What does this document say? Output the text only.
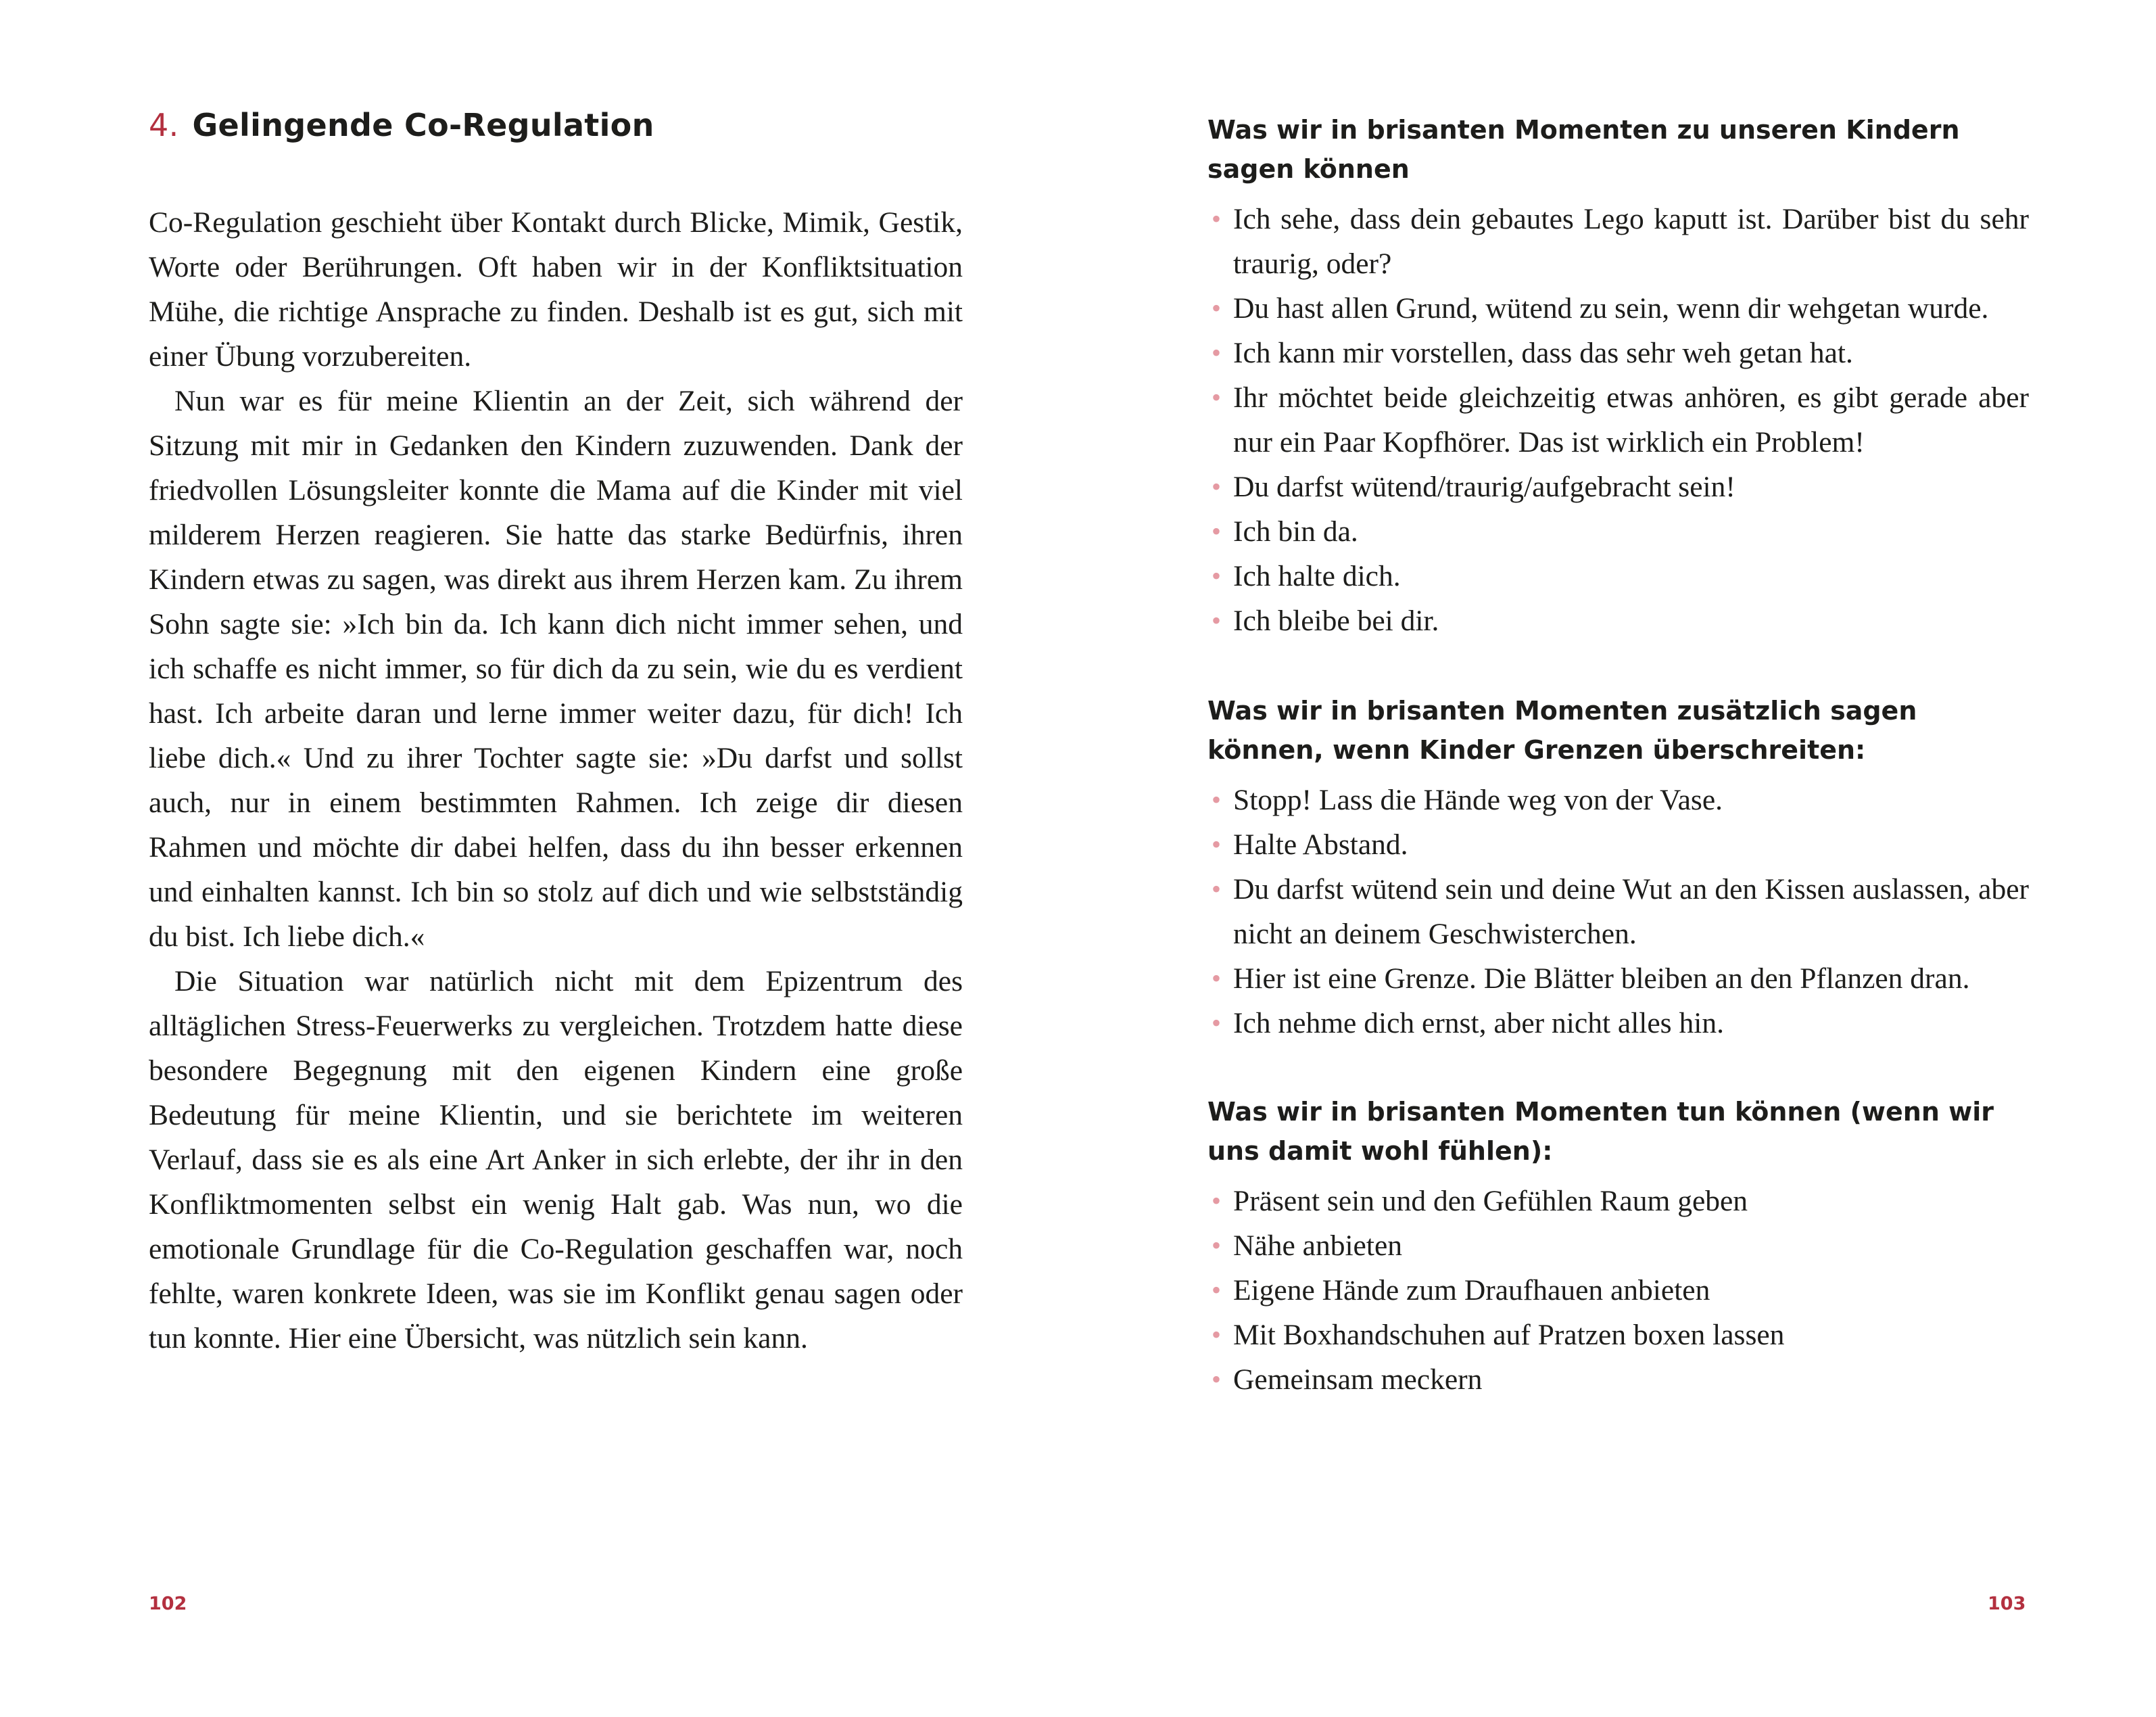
4. Gelingende Co-Regulation

Co-Regulation geschieht über Kontakt durch Blicke, Mimik, Gestik, Worte oder Berührungen. Oft haben wir in der Konfliktsituation Mühe, die richtige Ansprache zu finden. Deshalb ist es gut, sich mit einer Übung vorzubereiten.

Nun war es für meine Klientin an der Zeit, sich während der Sitzung mit mir in Gedanken den Kindern zuzuwenden. Dank der friedvollen Lösungsleiter konnte die Mama auf die Kinder mit viel milderem Herzen reagieren. Sie hatte das starke Bedürfnis, ihren Kindern etwas zu sagen, was direkt aus ihrem Herzen kam. Zu ihrem Sohn sagte sie: »Ich bin da. Ich kann dich nicht immer sehen, und ich schaffe es nicht immer, so für dich da zu sein, wie du es verdient hast. Ich arbeite daran und lerne immer weiter dazu, für dich! Ich liebe dich.« Und zu ihrer Tochter sagte sie: »Du darfst und sollst auch, nur in einem bestimmten Rahmen. Ich zeige dir diesen Rahmen und möchte dir dabei helfen, dass du ihn besser erkennen und einhalten kannst. Ich bin so stolz auf dich und wie selbstständig du bist. Ich liebe dich.«

Die Situation war natürlich nicht mit dem Epizentrum des alltäglichen Stress-Feuerwerks zu vergleichen. Trotzdem hatte diese besondere Begegnung mit den eigenen Kindern eine große Bedeutung für meine Klientin, und sie berichtete im weiteren Verlauf, dass sie es als eine Art Anker in sich erlebte, der ihr in den Konfliktmomenten selbst ein wenig Halt gab. Was nun, wo die emotionale Grundlage für die Co-Regulation geschaffen war, noch fehlte, waren konkrete Ideen, was sie im Konflikt genau sagen oder tun konnte. Hier eine Übersicht, was nützlich sein kann.

102
Was wir in brisanten Momenten zu unseren Kindern sagen können
• Ich sehe, dass dein gebautes Lego kaputt ist. Darüber bist du sehr traurig, oder?
• Du hast allen Grund, wütend zu sein, wenn dir wehgetan wurde.
• Ich kann mir vorstellen, dass das sehr weh getan hat.
• Ihr möchtet beide gleichzeitig etwas anhören, es gibt gerade aber nur ein Paar Kopfhörer. Das ist wirklich ein Problem!
• Du darfst wütend/traurig/aufgebracht sein!
• Ich bin da.
• Ich halte dich.
• Ich bleibe bei dir.
Was wir in brisanten Momenten zusätzlich sagen können, wenn Kinder Grenzen überschreiten:
• Stopp! Lass die Hände weg von der Vase.
• Halte Abstand.
• Du darfst wütend sein und deine Wut an den Kissen auslassen, aber nicht an deinem Geschwisterchen.
• Hier ist eine Grenze. Die Blätter bleiben an den Pflanzen dran.
• Ich nehme dich ernst, aber nicht alles hin.
Was wir in brisanten Momenten tun können (wenn wir uns damit wohl fühlen):
• Präsent sein und den Gefühlen Raum geben
• Nähe anbieten
• Eigene Hände zum Draufhauen anbieten
• Mit Boxhandschuhen auf Pratzen boxen lassen
• Gemeinsam meckern
103
